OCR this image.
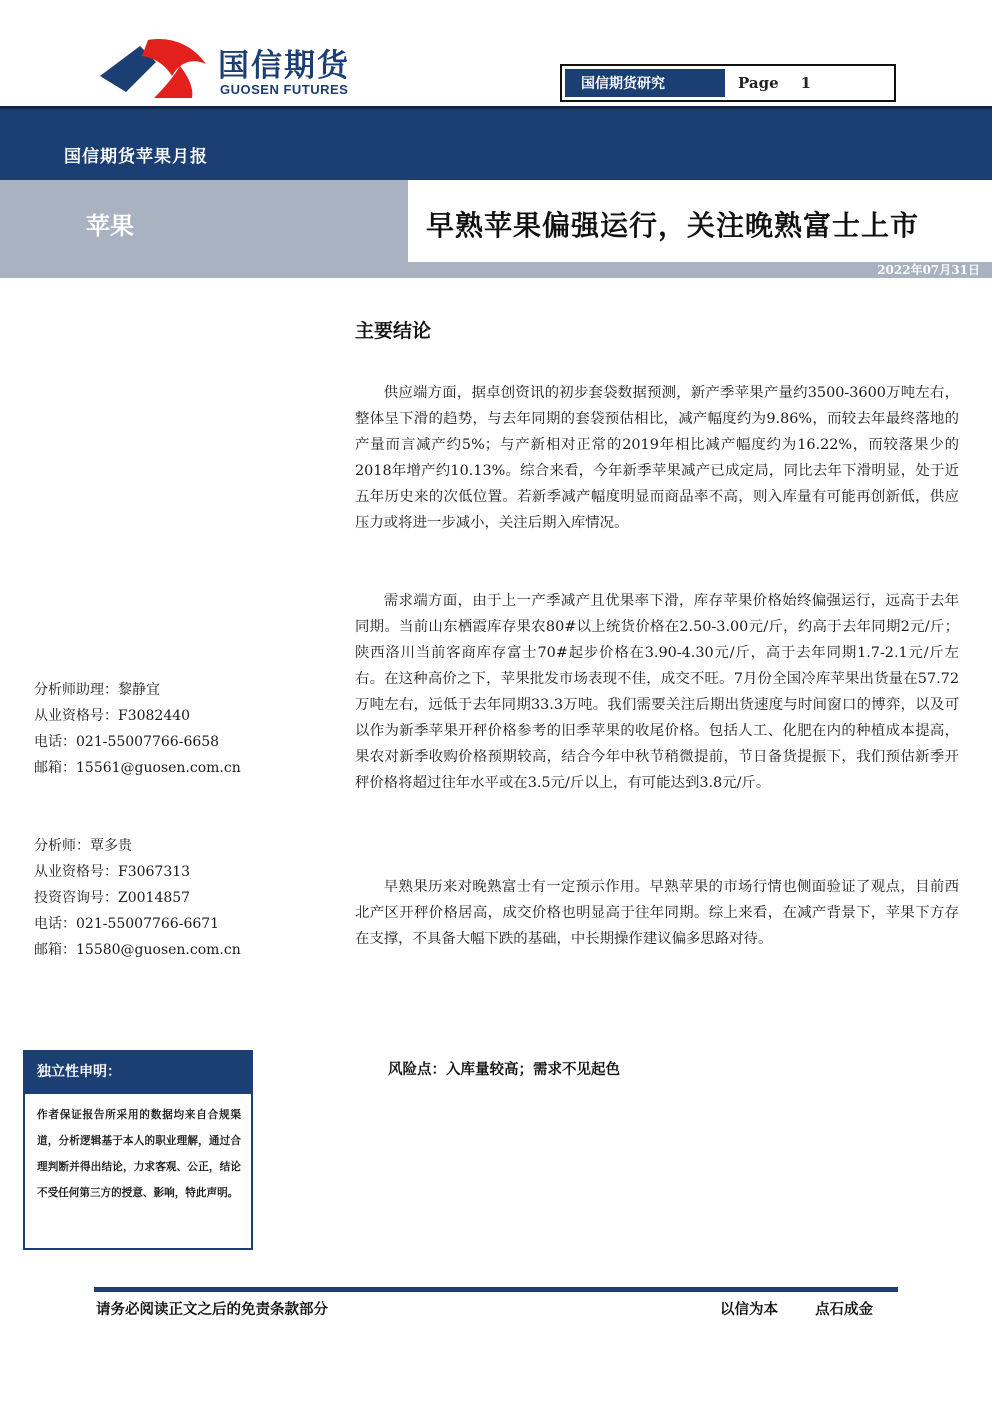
国信期货
GUOSEN FUTURES	国信期货研究	Page 1
国信期货苹果月报
苹果	早熟苹果偏强运行，关注晚熟富士上市
2022年07月31日
主要结论

供应端方面，据卓创资讯的初步套袋数据预测，新产季苹果产量约3500-3600万吨左右，整体呈下滑的趋势，与去年同期的套袋预估相比，减产幅度约为9.86%，而较去年最终落地的产量而言减产约5%；与产新相对正常的2019年相比减产幅度约为16.22%，而较落果少的2018年增产约10.13%。综合来看，今年新季苹果减产已成定局，同比去年下滑明显，处于近五年历史来的次低位置。若新季减产幅度明显而商品率不高，则入库量有可能再创新低，供应压力或将进一步减小，关注后期入库情况。

需求端方面，由于上一产季减产且优果率下滑，库存苹果价格始终偏强运行，远高于去年同期。当前山东栖霞库存果农80#以上统货价格在2.50-3.00元/斤，约高于去年同期2元/斤；陕西洛川当前客商库存富士70#起步价格在3.90-4.30元/斤，高于去年同期1.7-2.1元/斤左右。在这种高价之下，苹果批发市场表现不佳，成交不旺。7月份全国冷库苹果出货量在57.72万吨左右，远低于去年同期33.3万吨。我们需要关注后期出货速度与时间窗口的博弈，以及可以作为新季苹果开秤价格参考的旧季苹果的收尾价格。包括人工、化肥在内的种植成本提高，果农对新季收购价格预期较高，结合今年中秋节稍微提前，节日备货提振下，我们预估新季开秤价格将超过往年水平或在3.5元/斤以上，有可能达到3.8元/斤。

早熟果历来对晚熟富士有一定预示作用。早熟苹果的市场行情也侧面验证了观点，目前西北产区开秤价格居高，成交价格也明显高于往年同期。综上来看，在减产背景下，苹果下方存在支撑，不具备大幅下跌的基础，中长期操作建议偏多思路对待。

风险点：入库量较高；需求不见起色
分析师助理：黎静宜
从业资格号：F3082440
电话：021-55007766-6658
邮箱：15561@guosen.com.cn
分析师：覃多贵
从业资格号：F3067313
投资咨询号：Z0014857
电话：021-55007766-6671
邮箱：15580@guosen.com.cn
独立性申明：
作者保证报告所采用的数据均来自合规渠道，分析逻辑基于本人的职业理解，通过合理判断并得出结论，力求客观、公正，结论不受任何第三方的授意、影响，特此声明。
请务必阅读正文之后的免责条款部分	以信为本	点石成金
